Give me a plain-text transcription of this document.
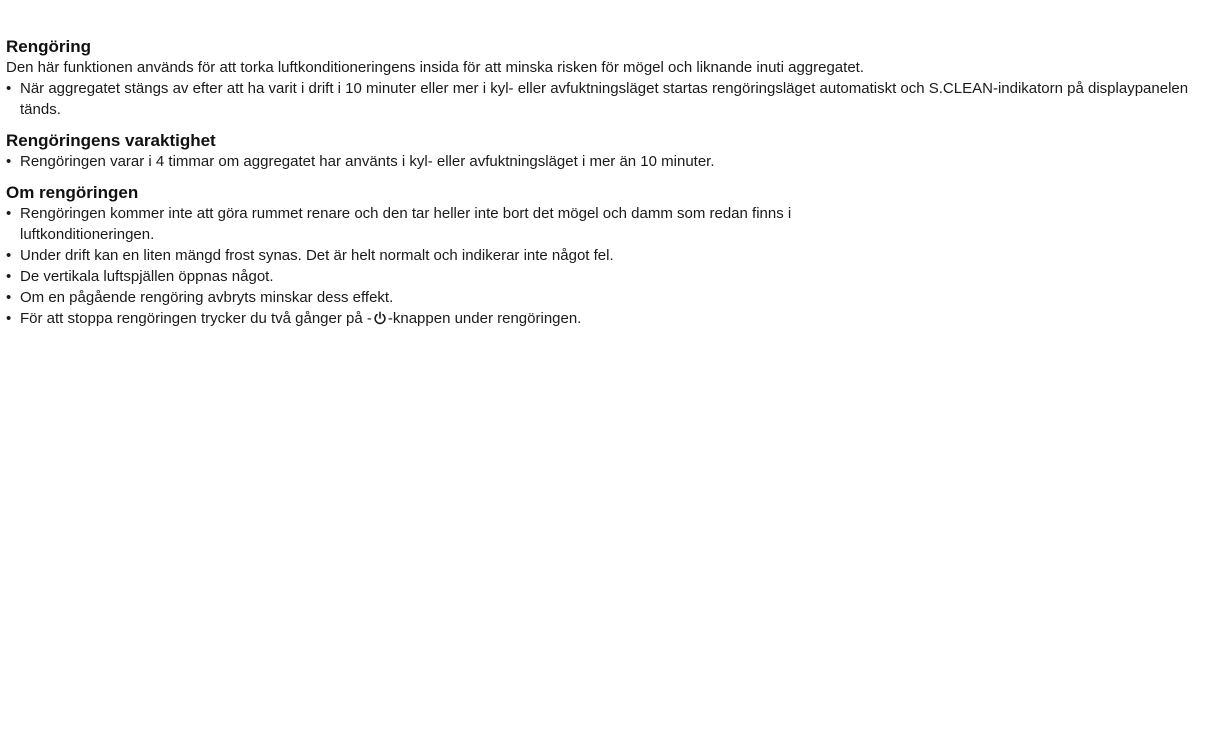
Rengöring

Den här funktionen används för att torka luftkonditioneringens insida för att minska risken för mögel och liknande inuti aggregatet.

• När aggregatet stängs av efter att ha varit i drift i 10 minuter eller mer i kyl- eller avfuktningsläget startas rengöringsläget automatiskt och S.CLEAN-indikatorn på displaypanelen tänds.
Rengöringens varaktighet
• Rengöringen varar i 4 timmar om aggregatet har använts i kyl- eller avfuktningsläget i mer än 10 minuter.
Om rengöringen
• Rengöringen kommer inte att göra rummet renare och den tar heller inte bort det mögel och damm som redan finns i luftkonditioneringen.
• Under drift kan en liten mängd frost synas. Det är helt normalt och indikerar inte något fel.
• De vertikala luftspjällen öppnas något.
• Om en pågående rengöring avbryts minskar dess effekt.
• För att stoppa rengöringen trycker du två gånger på - -knappen under rengöringen.
